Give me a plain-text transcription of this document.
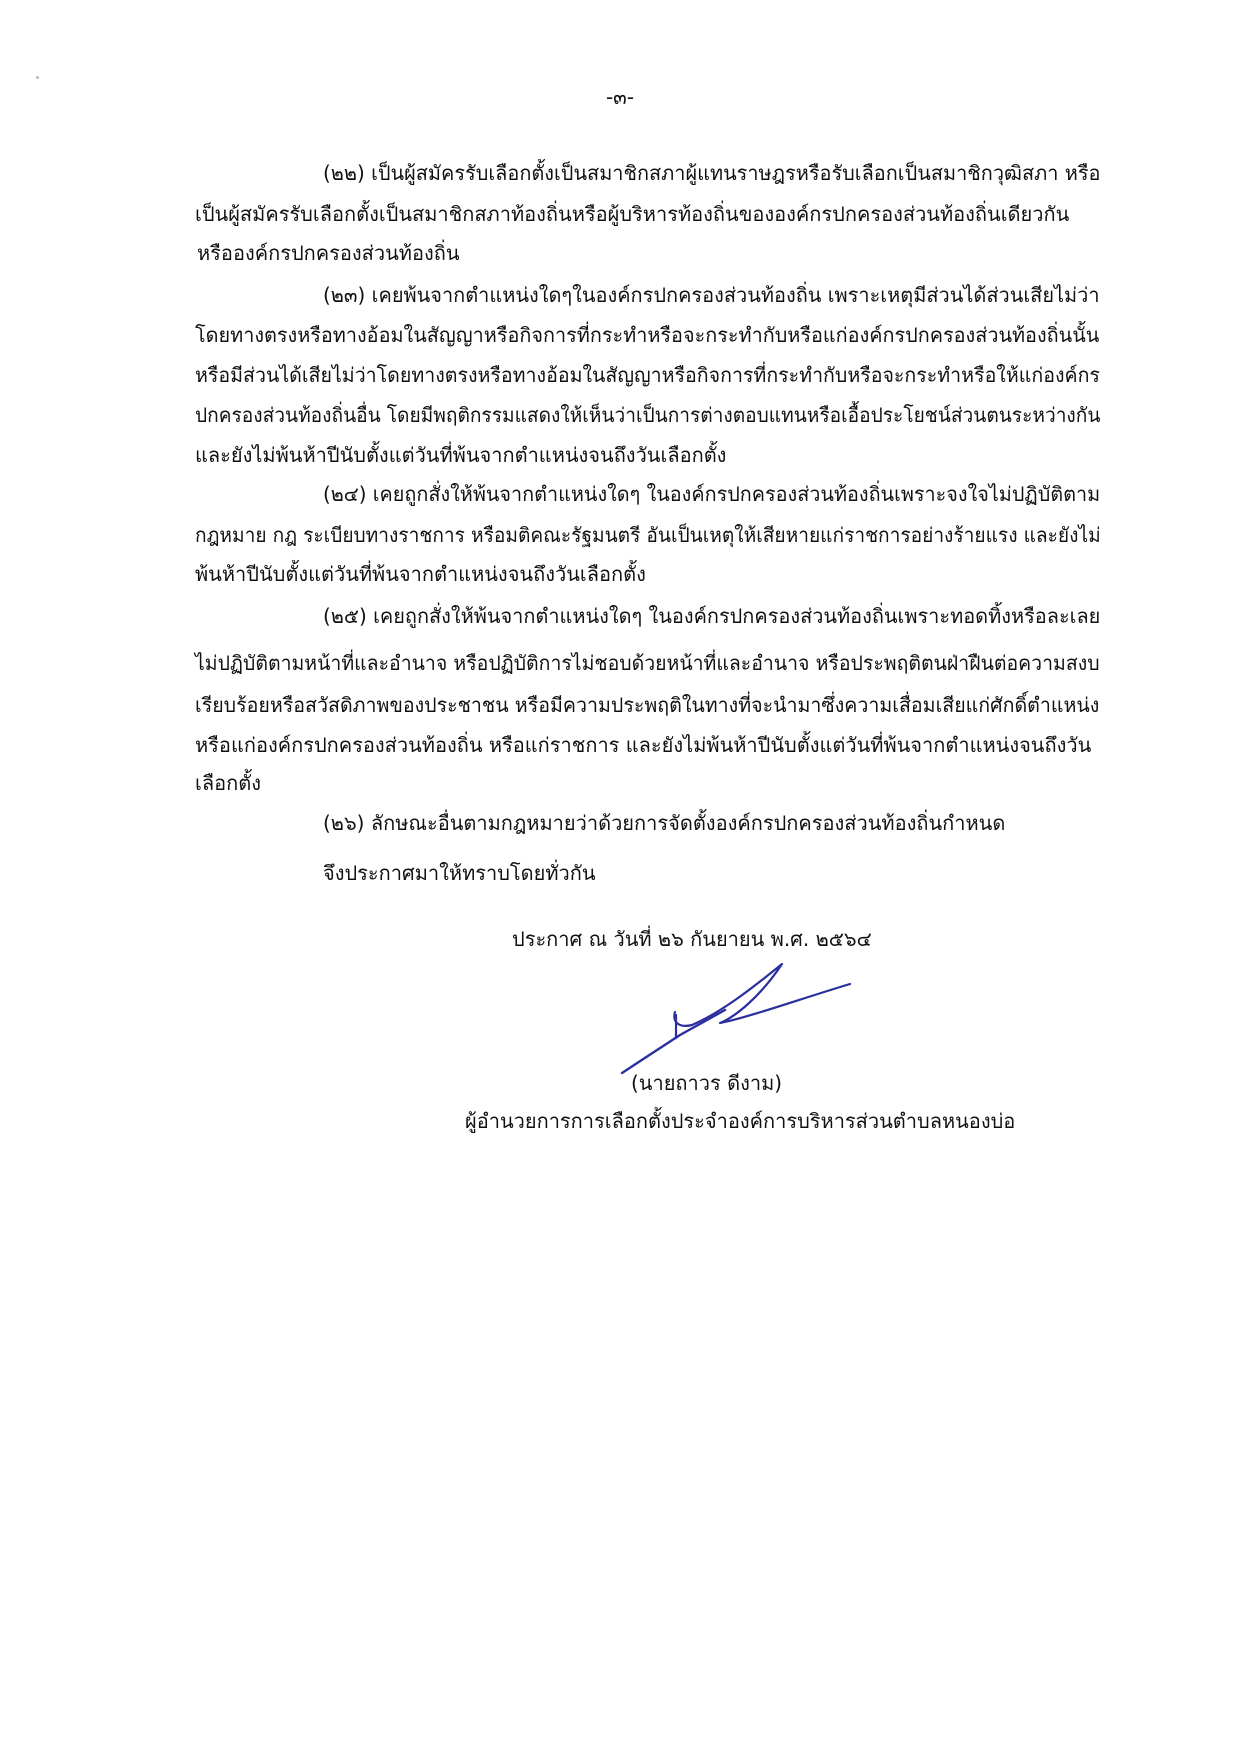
-๓-
(๒๒) เป็นผู้สมัครรับเลือกตั้งเป็นสมาชิกสภาผู้แทนราษฎรหรือรับเลือกเป็นสมาชิกวุฒิสภา หรือ
เป็นผู้สมัครรับเลือกตั้งเป็นสมาชิกสภาท้องถิ่นหรือผู้บริหารท้องถิ่นขององค์กรปกครองส่วนท้องถิ่นเดียวกัน
หรือองค์กรปกครองส่วนท้องถิ่น
(๒๓) เคยพ้นจากตำแหน่งใดๆในองค์กรปกครองส่วนท้องถิ่น เพราะเหตุมีส่วนได้ส่วนเสียไม่ว่า
โดยทางตรงหรือทางอ้อมในสัญญาหรือกิจการที่กระทำหรือจะกระทำกับหรือแก่องค์กรปกครองส่วนท้องถิ่นนั้น
หรือมีส่วนได้เสียไม่ว่าโดยทางตรงหรือทางอ้อมในสัญญาหรือกิจการที่กระทำกับหรือจะกระทำหรือให้แก่องค์กร
ปกครองส่วนท้องถิ่นอื่น โดยมีพฤติกรรมแสดงให้เห็นว่าเป็นการต่างตอบแทนหรือเอื้อประโยชน์ส่วนตนระหว่างกัน
และยังไม่พ้นห้าปีนับตั้งแต่วันที่พ้นจากตำแหน่งจนถึงวันเลือกตั้ง
(๒๔) เคยถูกสั่งให้พ้นจากตำแหน่งใดๆ ในองค์กรปกครองส่วนท้องถิ่นเพราะจงใจไม่ปฏิบัติตาม
กฎหมาย กฎ ระเบียบทางราชการ หรือมติคณะรัฐมนตรี อันเป็นเหตุให้เสียหายแก่ราชการอย่างร้ายแรง และยังไม่
พ้นห้าปีนับตั้งแต่วันที่พ้นจากตำแหน่งจนถึงวันเลือกตั้ง
(๒๕) เคยถูกสั่งให้พ้นจากตำแหน่งใดๆ ในองค์กรปกครองส่วนท้องถิ่นเพราะทอดทิ้งหรือละเลย
ไม่ปฏิบัติตามหน้าที่และอำนาจ หรือปฏิบัติการไม่ชอบด้วยหน้าที่และอำนาจ หรือประพฤติตนฝ่าฝืนต่อความสงบ
เรียบร้อยหรือสวัสดิภาพของประชาชน หรือมีความประพฤติในทางที่จะนำมาซึ่งความเสื่อมเสียแก่ศักดิ์ตำแหน่ง
หรือแก่องค์กรปกครองส่วนท้องถิ่น หรือแก่ราชการ และยังไม่พ้นห้าปีนับตั้งแต่วันที่พ้นจากตำแหน่งจนถึงวัน
เลือกตั้ง
(๒๖) ลักษณะอื่นตามกฎหมายว่าด้วยการจัดตั้งองค์กรปกครองส่วนท้องถิ่นกำหนด
จึงประกาศมาให้ทราบโดยทั่วกัน
ประกาศ ณ วันที่ ๒๖ กันยายน พ.ศ. ๒๕๖๔
(นายถาวร ดีงาม)
ผู้อำนวยการการเลือกตั้งประจำองค์การบริหารส่วนตำบลหนองบ่อ
